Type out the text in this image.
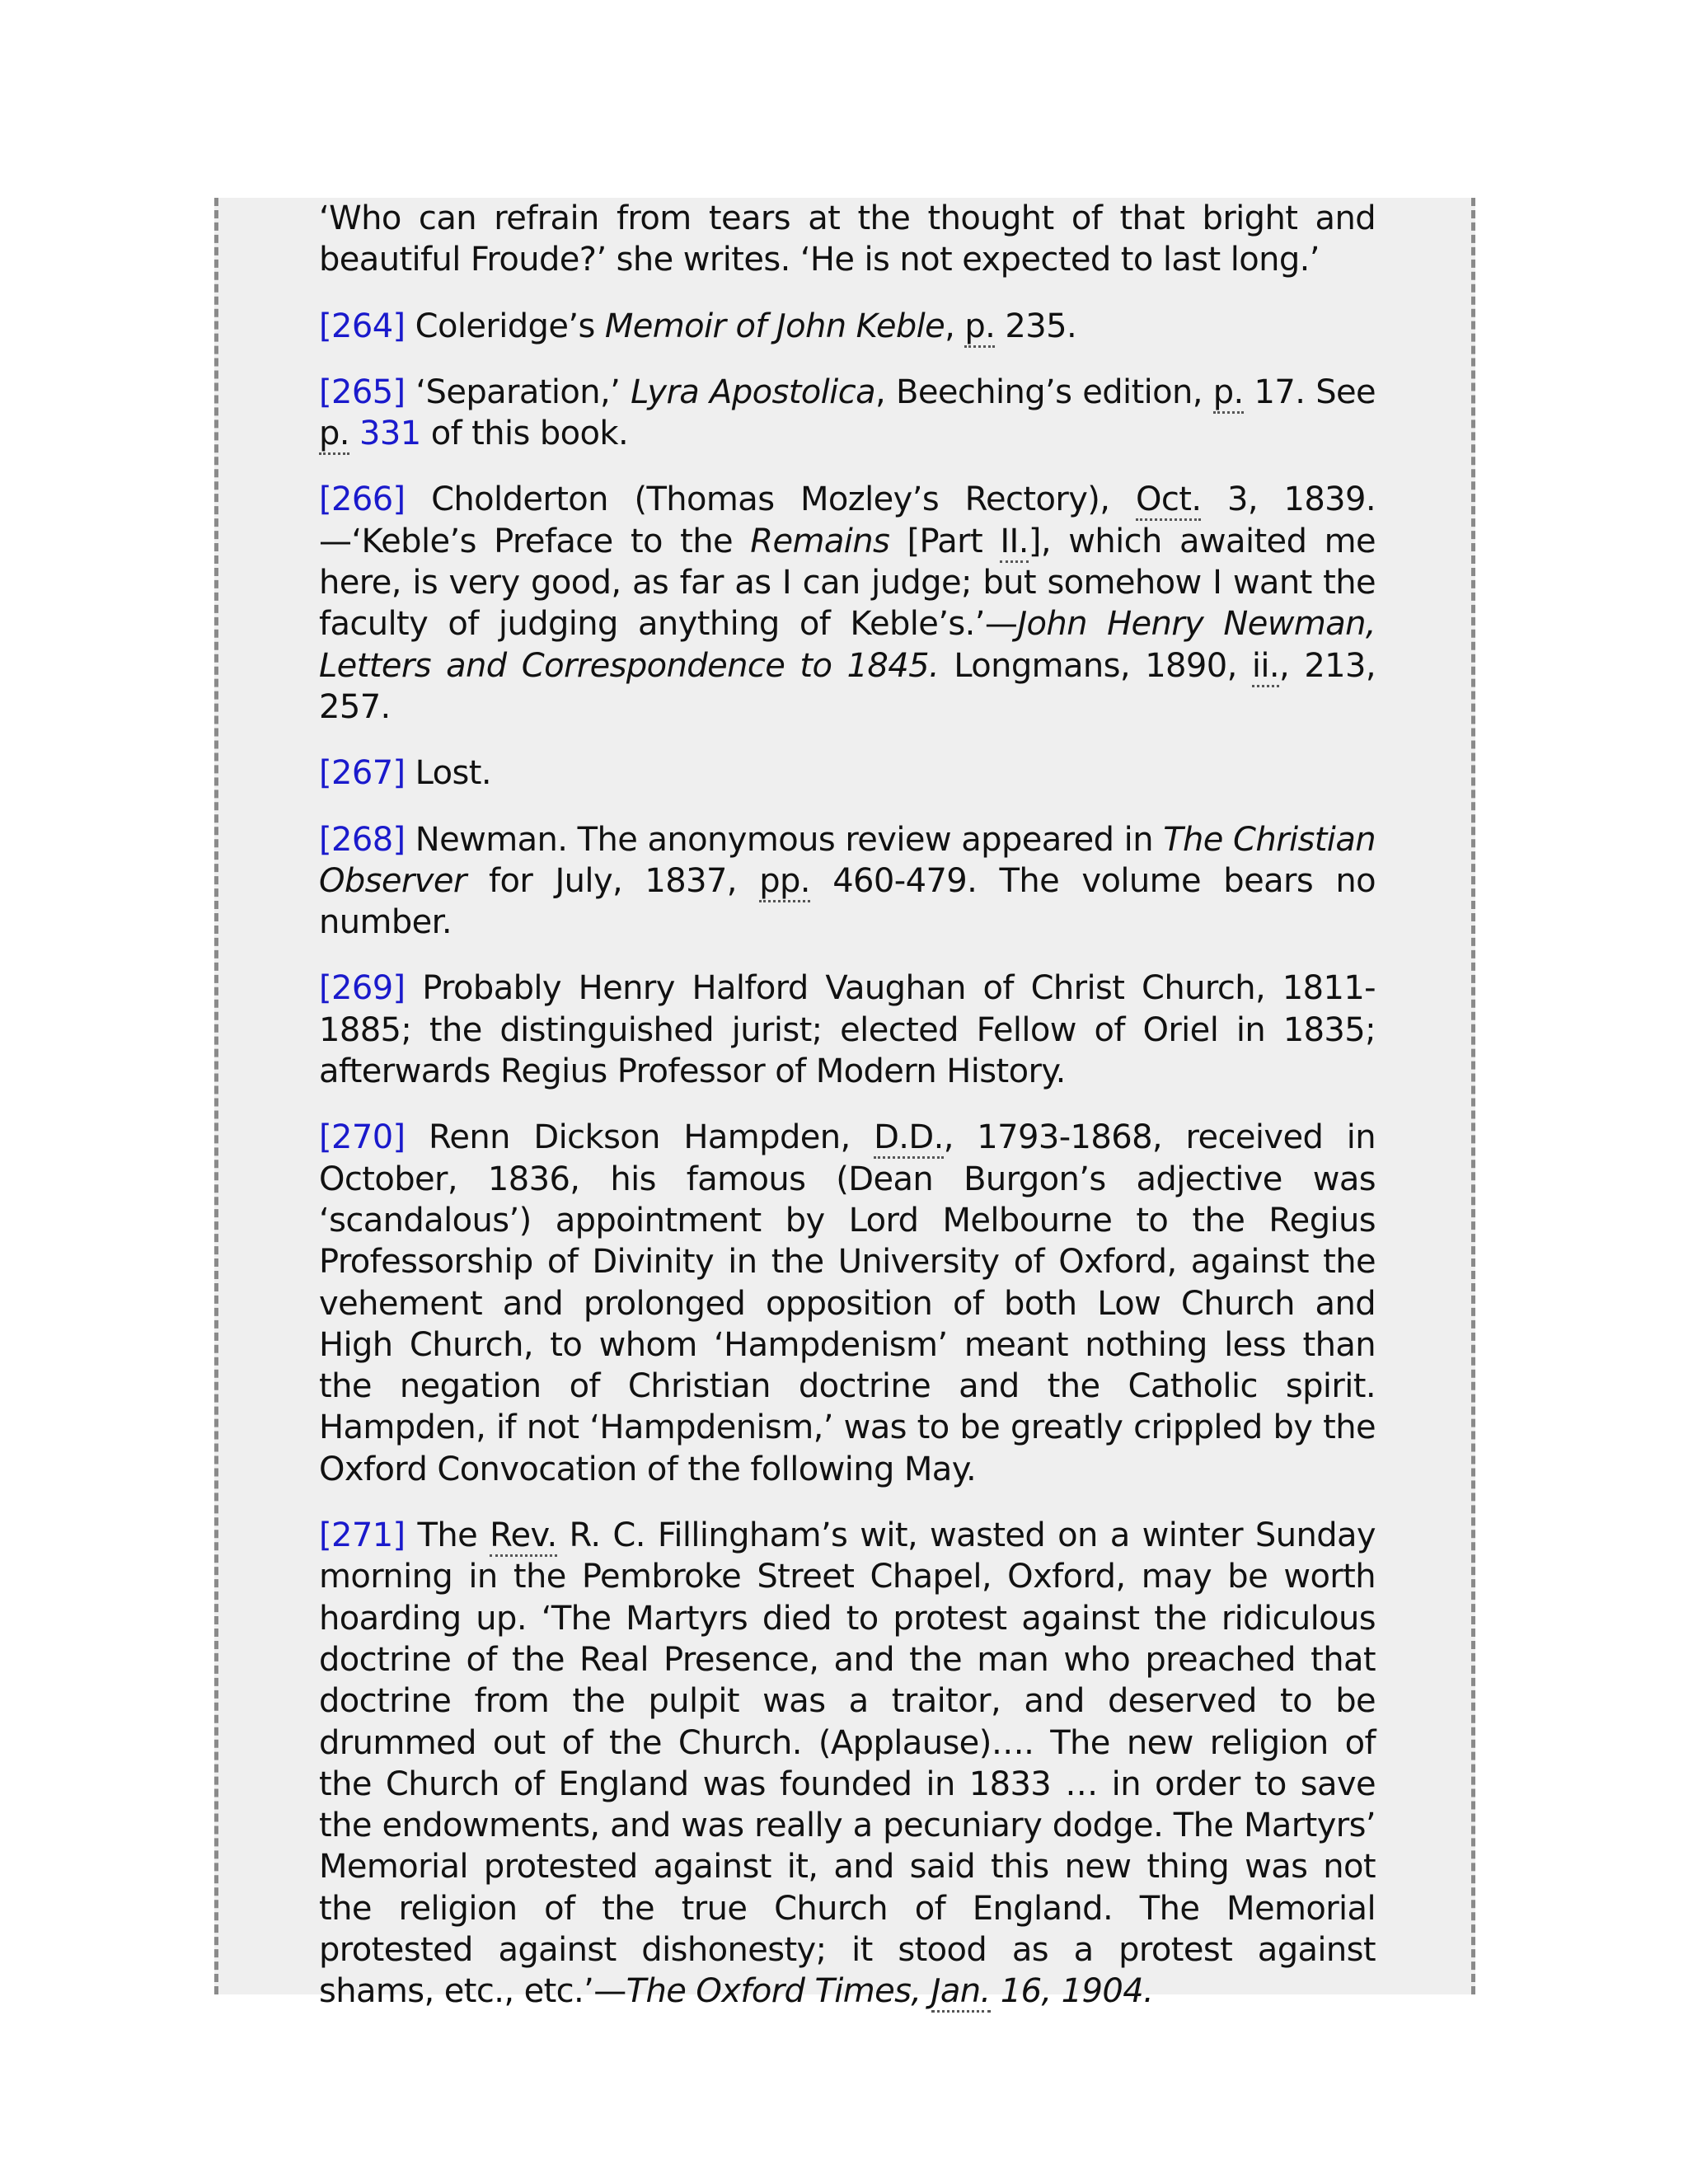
‘Who can refrain from tears at the thought of that bright and beautiful Froude?’ she writes. ‘He is not expected to last long.’

[264] Coleridge’s Memoir of John Keble, p. 235.

[265] ‘Separation,’ Lyra Apostolica, Beeching’s edition, p. 17. See p. 331 of this book.

[266] Cholderton (Thomas Mozley’s Rectory), Oct. 3, 1839.—‘Keble’s Preface to the Remains [Part II.], which awaited me here, is very good, as far as I can judge; but somehow I want the faculty of judging anything of Keble’s.’—John Henry Newman, Letters and Correspondence to 1845. Longmans, 1890, ii., 213, 257.

[267] Lost.

[268] Newman. The anonymous review appeared in The Christian Observer for July, 1837, pp. 460-479. The volume bears no number.

[269] Probably Henry Halford Vaughan of Christ Church, 1811-1885; the distinguished jurist; elected Fellow of Oriel in 1835; afterwards Regius Professor of Modern History.

[270] Renn Dickson Hampden, D.D., 1793-1868, received in October, 1836, his famous (Dean Burgon’s adjective was ‘scandalous’) appointment by Lord Melbourne to the Regius Professorship of Divinity in the University of Oxford, against the vehement and prolonged opposition of both Low Church and High Church, to whom ‘Hampdenism’ meant nothing less than the negation of Christian doctrine and the Catholic spirit. Hampden, if not ‘Hampdenism,’ was to be greatly crippled by the Oxford Convocation of the following May.

[271] The Rev. R. C. Fillingham’s wit, wasted on a winter Sunday morning in the Pembroke Street Chapel, Oxford, may be worth hoarding up. ‘The Martyrs died to protest against the ridiculous doctrine of the Real Presence, and the man who preached that doctrine from the pulpit was a traitor, and deserved to be drummed out of the Church. (Applause)…. The new religion of the Church of England was founded in 1833 … in order to save the endowments, and was really a pecuniary dodge. The Martyrs’ Memorial protested against it, and said this new thing was not the religion of the true Church of England. The Memorial protested against dishonesty; it stood as a protest against shams, etc., etc.’—The Oxford Times, Jan. 16, 1904.
